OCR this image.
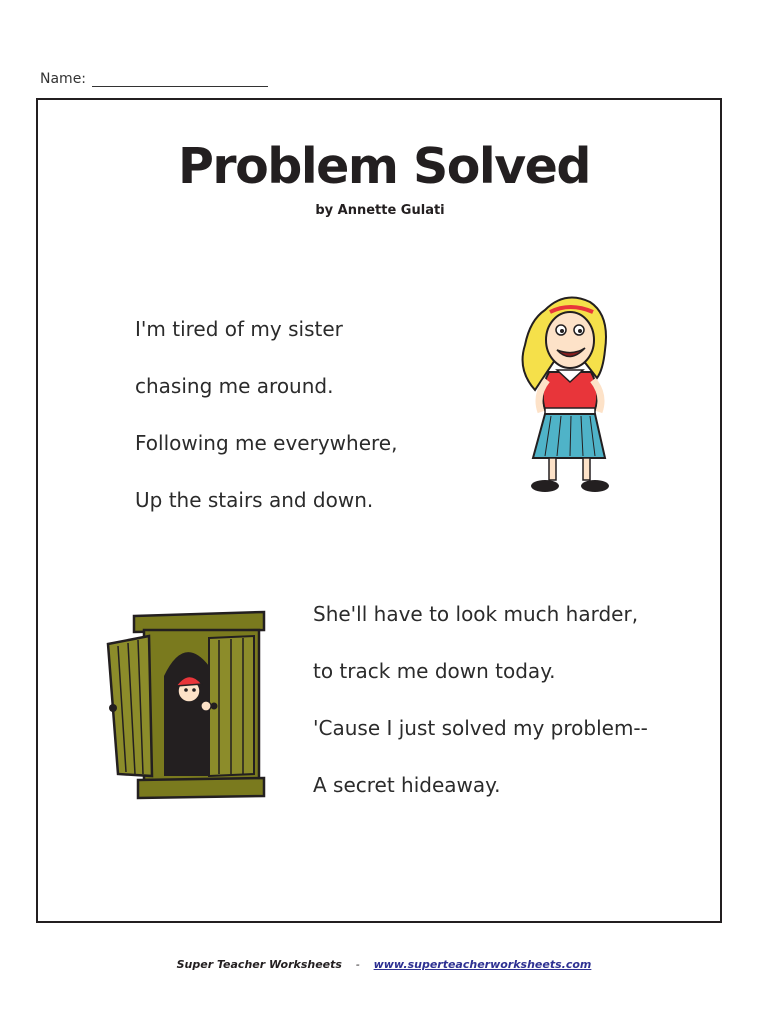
Name:
Problem Solved
by Annette Gulati
I'm tired of my sister
chasing me around.
Following me everywhere,
Up the stairs and down.
She'll have to look much harder,
to track me down today.
'Cause I just solved my problem--
A secret hideaway.
Super Teacher Worksheets - www.superteacherworksheets.com
